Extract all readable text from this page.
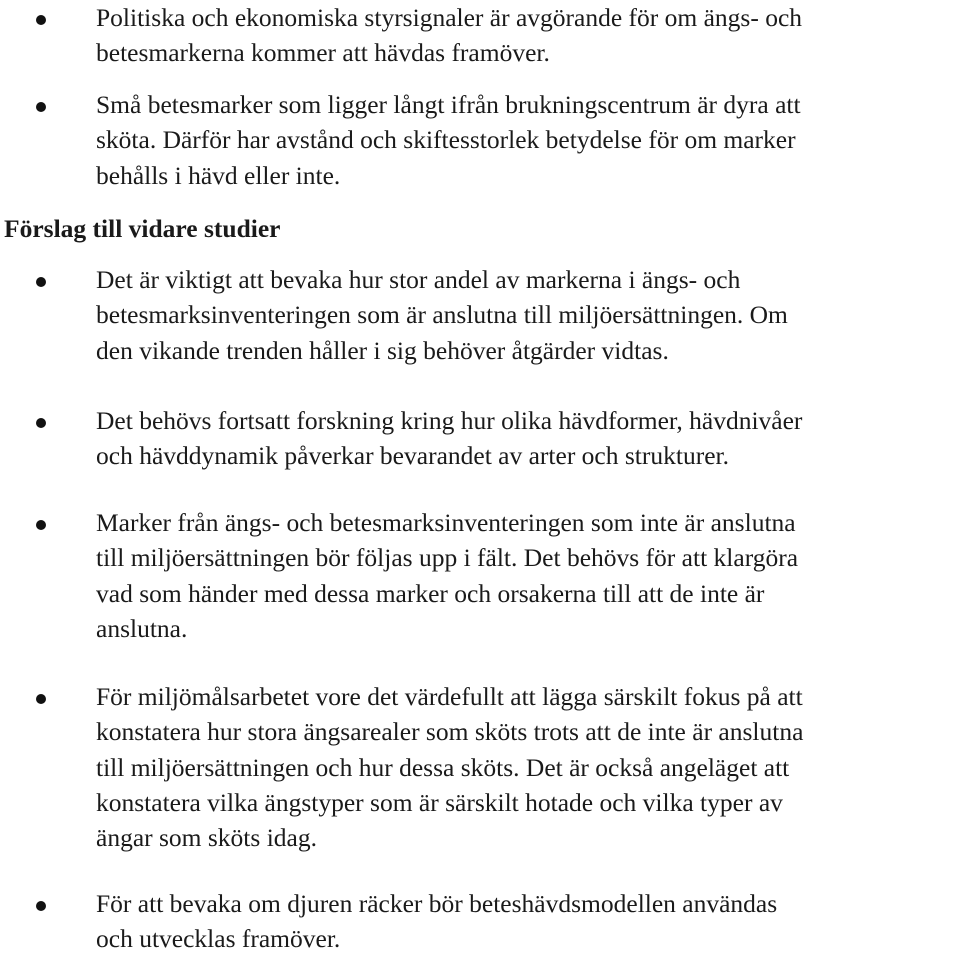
Politiska och ekonomiska styrsignaler är avgörande för om ängs- och
betesmarkerna kommer att hävdas framöver.
Små betesmarker som ligger långt ifrån brukningscentrum är dyra att
sköta. Därför har avstånd och skiftesstorlek betydelse för om marker
behålls i hävd eller inte.
Förslag till vidare studier
Det är viktigt att bevaka hur stor andel av markerna i ängs- och
betesmarksinventeringen som är anslutna till miljöersättningen. Om
den vikande trenden håller i sig behöver åtgärder vidtas.
Det behövs fortsatt forskning kring hur olika hävdformer, hävdnivåer
och hävddynamik påverkar bevarandet av arter och strukturer.
Marker från ängs- och betesmarksinventeringen som inte är anslutna
till miljöersättningen bör följas upp i fält. Det behövs för att klargöra
vad som händer med dessa marker och orsakerna till att de inte är
anslutna.
För miljömålsarbetet vore det värdefullt att lägga särskilt fokus på att
konstatera hur stora ängsarealer som sköts trots att de inte är anslutna
till miljöersättningen och hur dessa sköts. Det är också angeläget att
konstatera vilka ängstyper som är särskilt hotade och vilka typer av
ängar som sköts idag.
För att bevaka om djuren räcker bör beteshävdsmodellen användas
och utvecklas framöver.
